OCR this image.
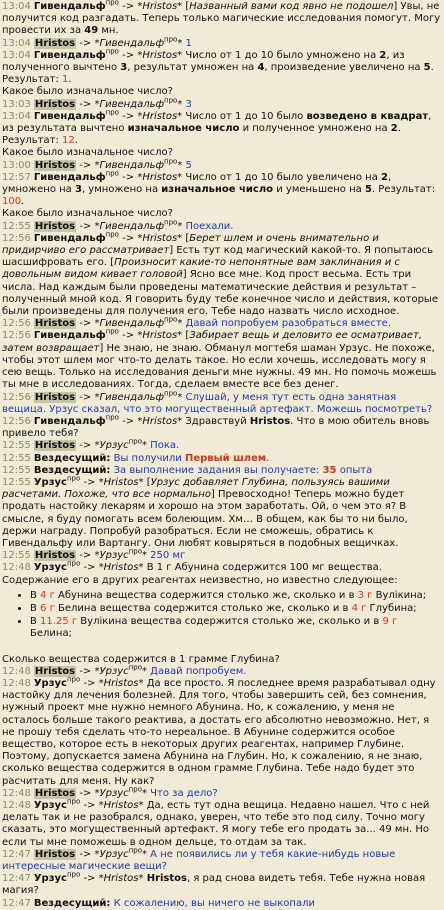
13:04 Гивендальф$^{про}$ -> *Hristos* [Названный вами код явно не подошел] Увы, не получится код разгадать. Теперь только магические исследования помогут. Могу провести их за 49 мн.
13:04 Hristos -> *Гивендальф$^{про}$* 1
13:04 Гивендальф$^{про}$ -> *Hristos* Число от 1 до 10 было умножено на 2, из полученного вычтено 3, результат умножен на 4, произведение увеличено на 5. Результат: 1.
Какое было изначальное число?
13:03 Hristos -> *Гивендальф$^{про}$* 3
13:04 Гивендальф$^{про}$ -> *Hristos* Число от 1 до 10 было возведено в квадрат, из результата вычтено изначальное число и полученное умножено на 2. Результат: 12.
Какое было изначальное число?
13:00 Hristos -> *Гивендальф$^{про}$* 5
12:57 Гивендальф$^{про}$ -> *Hristos* Число от 1 до 10 было увеличено на 2, умножено на 3, умножено на изначальное число и уменьшено на 5. Результат: 100.
Какое было изначальное число?
12:55 Hristos -> *Гивендальф$^{про}$* Поехали.
12:56 Гивендальф$^{про}$ -> *Hristos* [Берет шлем и очень внимательно и придирчиво его рассматривает] Есть тут код магический какой-то. Я попытаюсь шасшифровать его. [Произносит какие-то непонятные вам заклинания и с довольным видом кивает головой] Ясно все мне. Код прост весьма. Есть три числа. Над каждым были проведены математические действия и результат – полученный мной код. Я говорить буду тебе конечное число и действия, которые были произведены для получения его. Тебе надо назвать число исходное.
12:56 Hristos -> *Гивендальф$^{про}$* Давай попробуем разобраться вместе.
12:56 Гивендальф$^{про}$ -> *Hristos* [Забирает вещь и деловито ее осматривает, затем возвращает] Не знаю, не знаю. Обманул могтебя шаман Урзус. Не похоже, чтобы этот шлем мог что-то делать такое. Но если хочешь, исследовать могу я сею вещь. Только на исследования деньги мне нужны. 49 мн. Но помочь можешь ты мне в исследованиях. Тогда, сделаем вместе все без денег.
12:56 Hristos -> *Гивендальф$^{про}$* Слушай, у меня тут есть одна занятная вещица. Урзус сказал, что это могущественный артефакт. Можешь посмотреть?
12:56 Гивендальф$^{про}$ -> *Hristos* Здравствуй Hristos. Что в мою обитель вновь привело тебя?
12:55 Hristos -> *Урзус$^{про}$* Пока.
12:55 Вездесущий: Вы получили Первый шлем.
12:55 Вездесущий: За выполнение задания вы получаете: 35 опыта
12:55 Урзус$^{про}$ -> *Hristos* [Урзус добавляет Глубина, пользуясь вашими расчетами. Похоже, что все нормально] Превосходно! Теперь можно будет продать настойку лекарям и хорошо на этом заработать. Ой, о чем это я? В смысле, я буду помогать всем болеющим. Хм… В общем, как бы то ни было, держи награду. Попробуй разобраться. Если не сможешь, обратись к Гивендальфу или Вартангу. Они любят ковыряться в подобных вещичках.
12:55 Hristos -> *Урзус$^{про}$* 250 мг
12:48 Урзус$^{про}$ -> *Hristos* В 1 г Абунина содержится 100 мг вещества. Содержание его в других реагентах неизвестно, но известно следующее:
• В 4 г Абунина вещества содержится столько же, сколько и в 3 г Вулікина;
• В 6 г Белина вещества содержится столько же, сколько и в 4 г Глубина;
• В 11.25 г Вулікина вещества содержится столько же, сколько и в 9 г Белина;
Сколько вещества содержится в 1 грамме Глубина?
12:48 Hristos -> *Урзус$^{про}$* Давай попробуем.
12:48 Урзус$^{про}$ -> *Hristos* Да все просто. Я последнее время разрабатывал одну настойку для лечения болезней. Для того, чтобы завершить сей, без сомнения, нужный проект мне нужно немного Абунина. Но, к сожалению, у меня не осталось больше такого реактива, а достать его абсолютно невозможно. Нет, я не прошу тебя сделать что-то нереальное. В Абунине содержится особое вещество, которое есть в некоторых других реагентах, например Глубине. Поэтому, допускается замена Абунина на Глубин. Но, к сожалению, я не знаю, сколько вещества содержится в одном грамме Глубина. Тебе надо будет это расчитать для меня. Ну как?
12:48 Hristos -> *Урзус$^{про}$* Что за дело?
12:48 Урзус$^{про}$ -> *Hristos* Да, есть тут одна вещица. Недавно нашел. Что с ней делать так и не разобрался, однако, уверен, что тебе это под силу. Точно могу сказать, это могущественный артефакт. Я могу тебе его продать за... 49 мн. Но если ты мне поможешь в одном дельце, то отдам за так.
12:47 Hristos -> *Урзус$^{про}$* А не появились ли у тебя какие-нибудь новые интересные магические вещи?
12:47 Урзус$^{про}$ -> *Hristos* Hristos, я рад снова видеть тебя. Тебе нужна новая магия?
12:47 Вездесущий: К сожалению, вы ничего не выкопали
